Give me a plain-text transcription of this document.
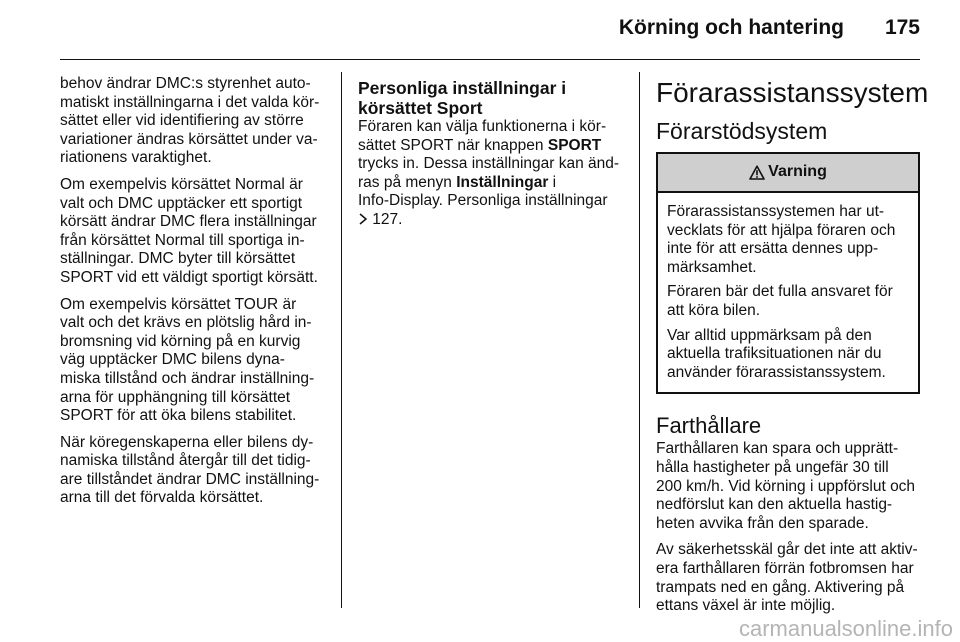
Körning och hantering	175

behov ändrar DMC:s styrenhet auto-
matiskt inställningarna i det valda kör-
sättet eller vid identifiering av större
variationer ändras körsättet under va-
riationens varaktighet.

Om exempelvis körsättet Normal är
valt och DMC upptäcker ett sportigt
körsätt ändrar DMC flera inställningar
från körsättet Normal till sportiga in-
ställningar. DMC byter till körsättet
SPORT vid ett väldigt sportigt körsätt.

Om exempelvis körsättet TOUR är
valt och det krävs en plötslig hård in-
bromsning vid körning på en kurvig
väg upptäcker DMC bilens dyna-
miska tillstånd och ändrar inställning-
arna för upphängning till körsättet
SPORT för att öka bilens stabilitet.

När köregenskaperna eller bilens dy-
namiska tillstånd återgår till det tidig-
are tillståndet ändrar DMC inställning-
arna till det förvalda körsättet.

Personliga inställningar i
körsättet Sport

Föraren kan välja funktionerna i kör-
sättet SPORT när knappen SPORT
trycks in. Dessa inställningar kan änd-
ras på menyn Inställningar i
Info-Display. Personliga inställningar
127.

Förarassistanssystem
Förarstödsystem
Varning

Förarassistanssystemen har ut-
vecklats för att hjälpa föraren och
inte för att ersätta dennes upp-
märksamhet.

Föraren bär det fulla ansvaret för
att köra bilen.

Var alltid uppmärksam på den
aktuella trafiksituationen när du
använder förarassistanssystem.

Farthållare

Farthållaren kan spara och upprätt-
hålla hastigheter på ungefär 30 till
200 km/h. Vid körning i uppförslut och
nedförslut kan den aktuella hastig-
heten avvika från den sparade.

Av säkerhetsskäl går det inte att aktiv-
era farthållaren förrän fotbromsen har
trampats ned en gång. Aktivering på
ettans växel är inte möjlig.

carmanualsonline.info
